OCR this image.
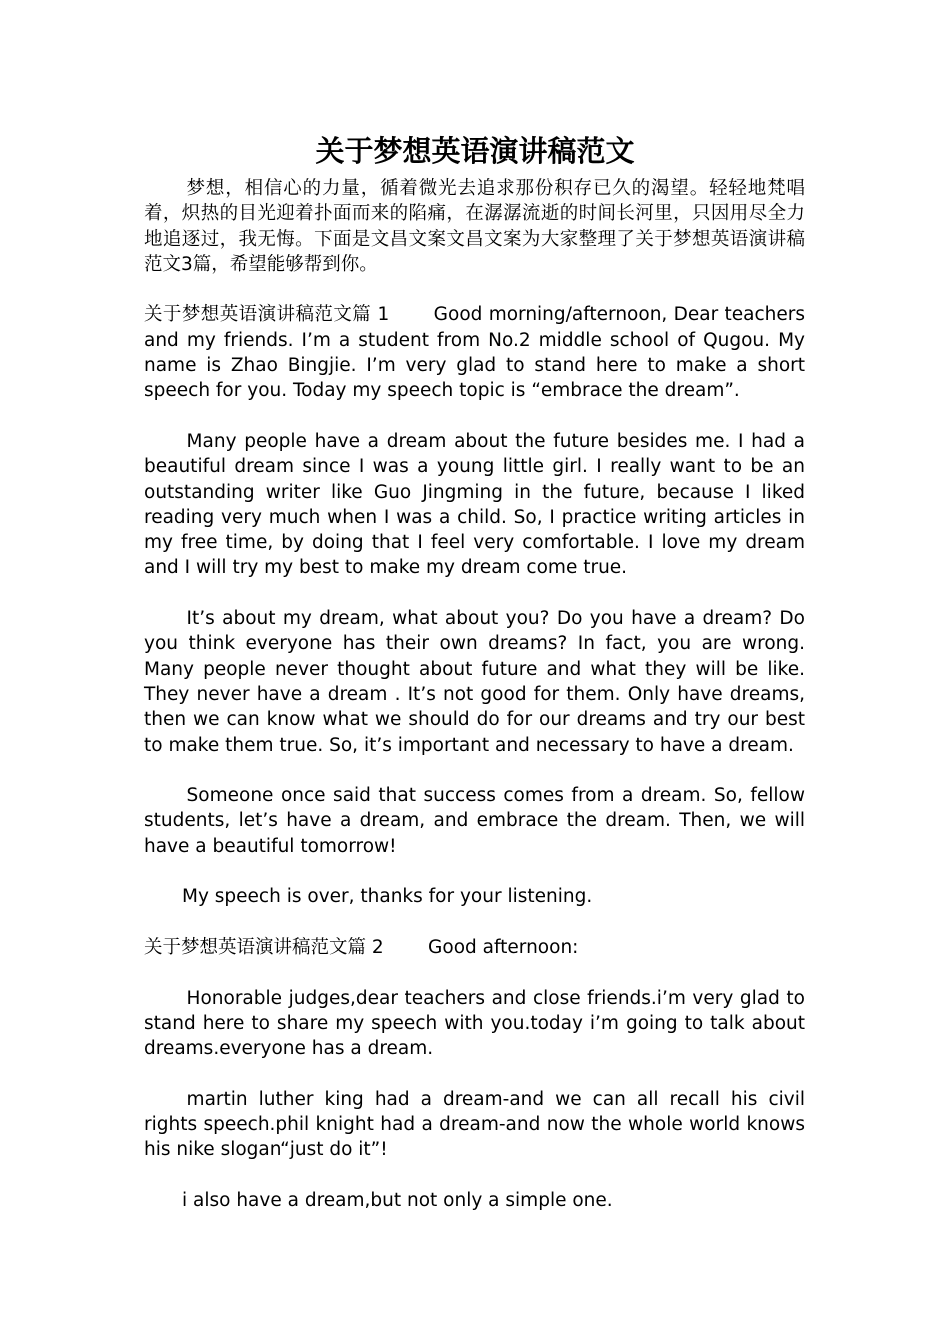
关于梦想英语演讲稿范文

梦想，相信心的力量，循着微光去追求那份积存已久的渴望。轻轻地梵唱着，炽热的目光迎着扑面而来的陷痛，在潺潺流逝的时间长河里，只因用尽全力地追逐过，我无悔。下面是文昌文案文昌文案为大家整理了关于梦想英语演讲稿范文3篇，希望能够帮到你。

关于梦想英语演讲稿范文篇 1 Good morning/afternoon, Dear teachers and my friends. I’m a student from No.2 middle school of Qugou. My name is Zhao Bingjie. I’m very glad to stand here to make a short speech for you. Today my speech topic is “embrace the dream”.

Many people have a dream about the future besides me. I had a beautiful dream since I was a young little girl. I really want to be an outstanding writer like Guo Jingming in the future, because I liked reading very much when I was a child. So, I practice writing articles in my free time, by doing that I feel very comfortable. I love my dream and I will try my best to make my dream come true.

It’s about my dream, what about you? Do you have a dream? Do you think everyone has their own dreams? In fact, you are wrong. Many people never thought about future and what they will be like. They never have a dream . It’s not good for them. Only have dreams, then we can know what we should do for our dreams and try our best to make them true. So, it’s important and necessary to have a dream.

Someone once said that success comes from a dream. So, fellow students, let’s have a dream, and embrace the dream. Then, we will have a beautiful tomorrow!

My speech is over, thanks for your listening.

关于梦想英语演讲稿范文篇 2 Good afternoon:

Honorable judges,dear teachers and close friends.i’m very glad to stand here to share my speech with you.today i’m going to talk about dreams.everyone has a dream.

martin luther king had a dream-and we can all recall his civil rights speech.phil knight had a dream-and now the whole world knows his nike slogan“just do it”!

i also have a dream,but not only a simple one.
